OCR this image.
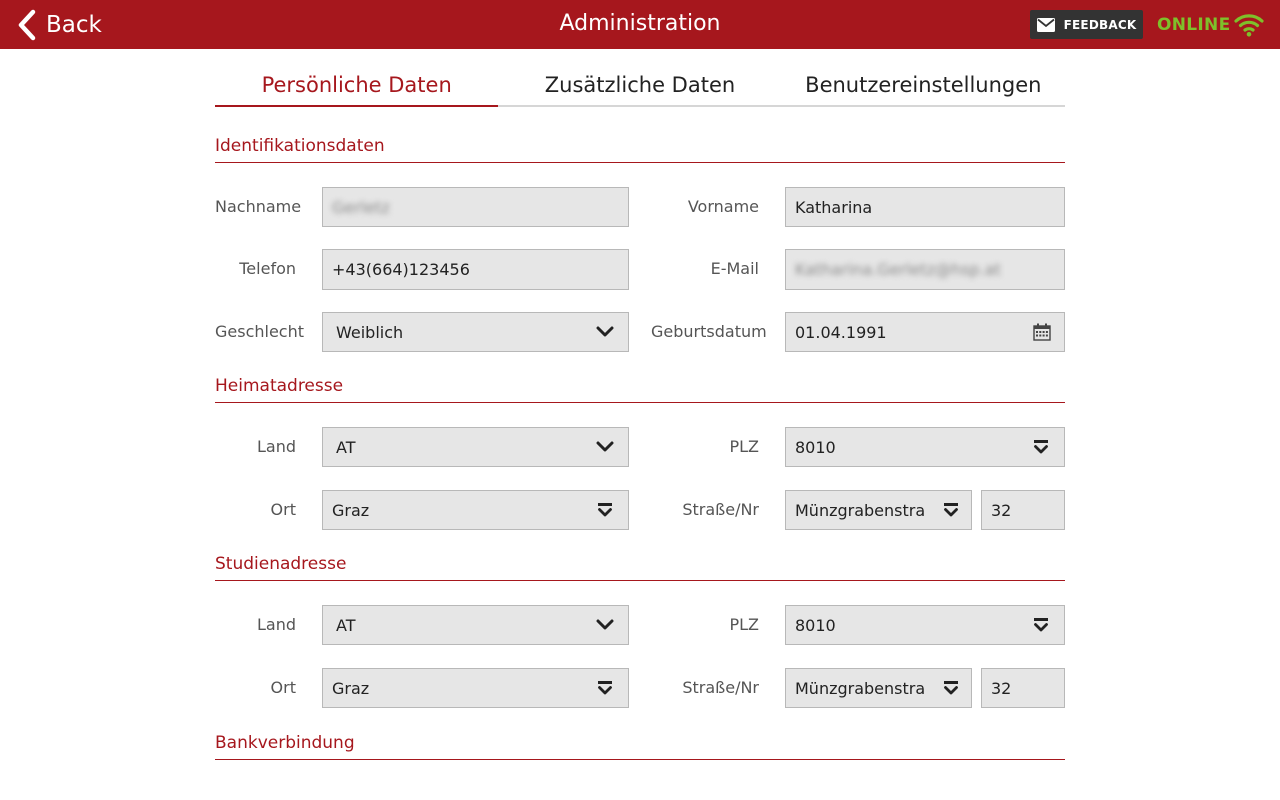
Back	Administration	FEEDBACK ONLINE
Persönliche Daten	Zusätzliche Daten	Benutzereinstellungen
Identifikationsdaten
Nachname Gerletz	Vorname Katharina
Telefon +43(664)123456	E-Mail Katharina.Gerletz@hsp.at
Geschlecht Weiblich	Geburtsdatum 01.04.1991
Heimatadresse
Land	AT	PLZ 8010
Ort Graz	Straße/Nr Münzgrabenstra	32
Studienadresse
Land	AT	PLZ 8010
Ort Graz	Straße/Nr Münzgrabenstra	32
Bankverbindung
